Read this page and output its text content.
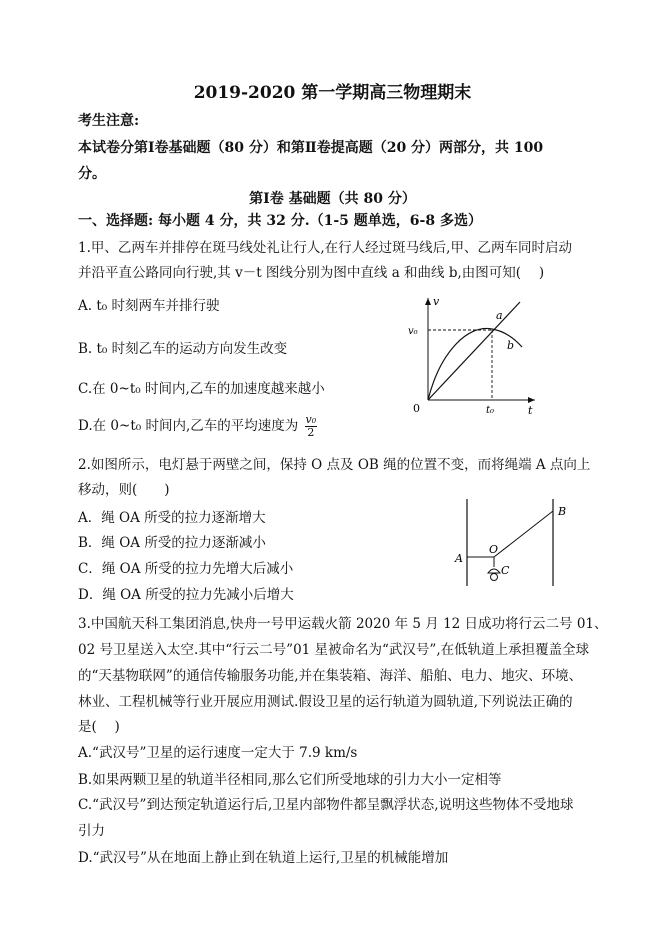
2019-2020 第一学期高三物理期末
考生注意:
本试卷分第Ⅰ卷基础题（80 分）和第Ⅱ卷提高题（20 分）两部分，共 100
分。
第Ⅰ卷 基础题（共 80 分）
一、选择题: 每小题 4 分，共 32 分.（1-5 题单选，6-8 多选）
1.甲、乙两车并排停在斑马线处礼让行人,在行人经过斑马线后,甲、乙两车同时启动
并沿平直公路同向行驶,其 v－t 图线分别为图中直线 a 和曲线 b,由图可知(　 )
A. t₀ 时刻两车并排行驶
B. t₀ 时刻乙车的运动方向发生改变
C.在 0~t₀ 时间内,乙车的加速度越来越小
D.在 0~t₀ 时间内,乙车的平均速度为 $\frac{\text{v₀}}{2}$
v
t
0
v₀
t₀
a
b
2.如图所示，电灯悬于两壁之间，保持 O 点及 OB 绳的位置不变，而将绳端 A 点向上
移动，则(　　)
A．绳 OA 所受的拉力逐渐增大
B．绳 OA 所受的拉力逐渐减小
C．绳 OA 所受的拉力先增大后减小
D．绳 OA 所受的拉力先减小后增大
A
B
O
C
3.中国航天科工集团消息,快舟一号甲运载火箭 2020 年 5 月 12 日成功将行云二号 01、
02 号卫星送入太空.其中“行云二号”01 星被命名为“武汉号”,在低轨道上承担覆盖全球
的“天基物联网”的通信传输服务功能,并在集装箱、海洋、船舶、电力、地灾、环境、
林业、工程机械等行业开展应用测试.假设卫星的运行轨道为圆轨道,下列说法正确的
是(　 )
A.“武汉号”卫星的运行速度一定大于 7.9 km/s
B.如果两颗卫星的轨道半径相同,那么它们所受地球的引力大小一定相等
C.“武汉号”到达预定轨道运行后,卫星内部物件都呈飘浮状态,说明这些物体不受地球
引力
D.“武汉号”从在地面上静止到在轨道上运行,卫星的机械能增加
